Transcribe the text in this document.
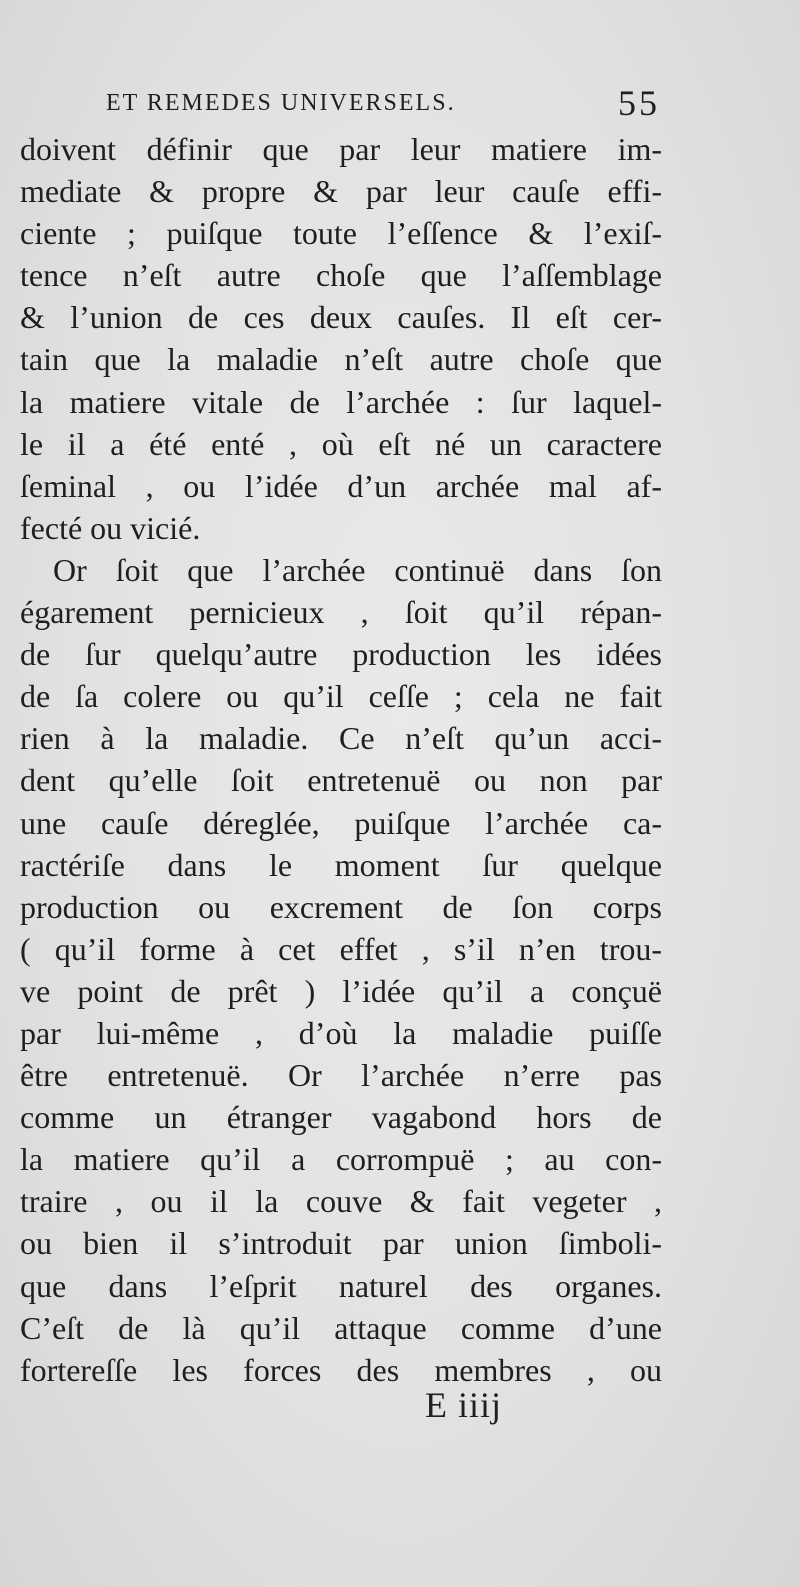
ET REMEDES UNIVERSELS.	55
doivent définir que par leur matiere im-
mediate & propre & par leur cauſe effi-
ciente ; puiſque toute l’eſſence & l’exiſ-
tence n’eſt autre choſe que l’aſſemblage
& l’union de ces deux cauſes. Il eſt cer-
tain que la maladie n’eſt autre choſe que
la matiere vitale de l’archée : ſur laquel-
le il a été enté , où eſt né un caractere
ſeminal , ou l’idée d’un archée mal af-
fecté ou vicié.
Or ſoit que l’archée continuë dans ſon
égarement pernicieux , ſoit qu’il répan-
de ſur quelqu’autre production les idées
de ſa colere ou qu’il ceſſe ; cela ne fait
rien à la maladie. Ce n’eſt qu’un acci-
dent qu’elle ſoit entretenuë ou non par
une cauſe déreglée, puiſque l’archée ca-
ractériſe dans le moment ſur quelque
production ou excrement de ſon corps
( qu’il forme à cet effet , s’il n’en trou-
ve point de prêt ) l’idée qu’il a conçuë
par lui-même , d’où la maladie puiſſe
être entretenuë. Or l’archée n’erre pas
comme un étranger vagabond hors de
la matiere qu’il a corrompuë ; au con-
traire , ou il la couve & fait vegeter ,
ou bien il s’introduit par union ſimboli-
que dans l’eſprit naturel des organes.
C’eſt de là qu’il attaque comme d’une
fortereſſe les forces des membres , ou
E iiij
